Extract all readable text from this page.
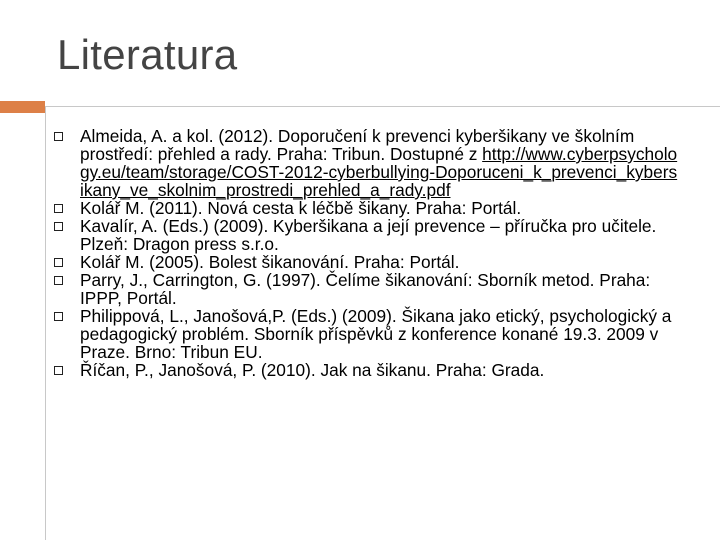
Literatura
Almeida, A. a kol. (2012). Doporučení k prevenci kyberšikany ve školním prostředí: přehled a rady. Praha: Tribun. Dostupné z http://www.cyberpsychology.eu/team/storage/COST-2012-cyberbullying-Doporuceni_k_prevenci_kybersikany_ve_skolnim_prostredi_prehled_a_rady.pdf
Kolář M. (2011). Nová cesta k léčbě šikany. Praha: Portál.
Kavalír, A. (Eds.) (2009). Kyberšikana a její prevence – příručka pro učitele. Plzeň: Dragon press s.r.o.
Kolář M. (2005). Bolest šikanování. Praha: Portál.
Parry, J., Carrington, G. (1997). Čelíme šikanování: Sborník metod. Praha: IPPP, Portál.
Philippová, L., Janošová,P. (Eds.) (2009). Šikana jako etický, psychologický a pedagogický problém. Sborník příspěvků z konference konané 19.3. 2009 v Praze. Brno: Tribun EU.
Říčan, P., Janošová, P. (2010). Jak na šikanu. Praha: Grada.
